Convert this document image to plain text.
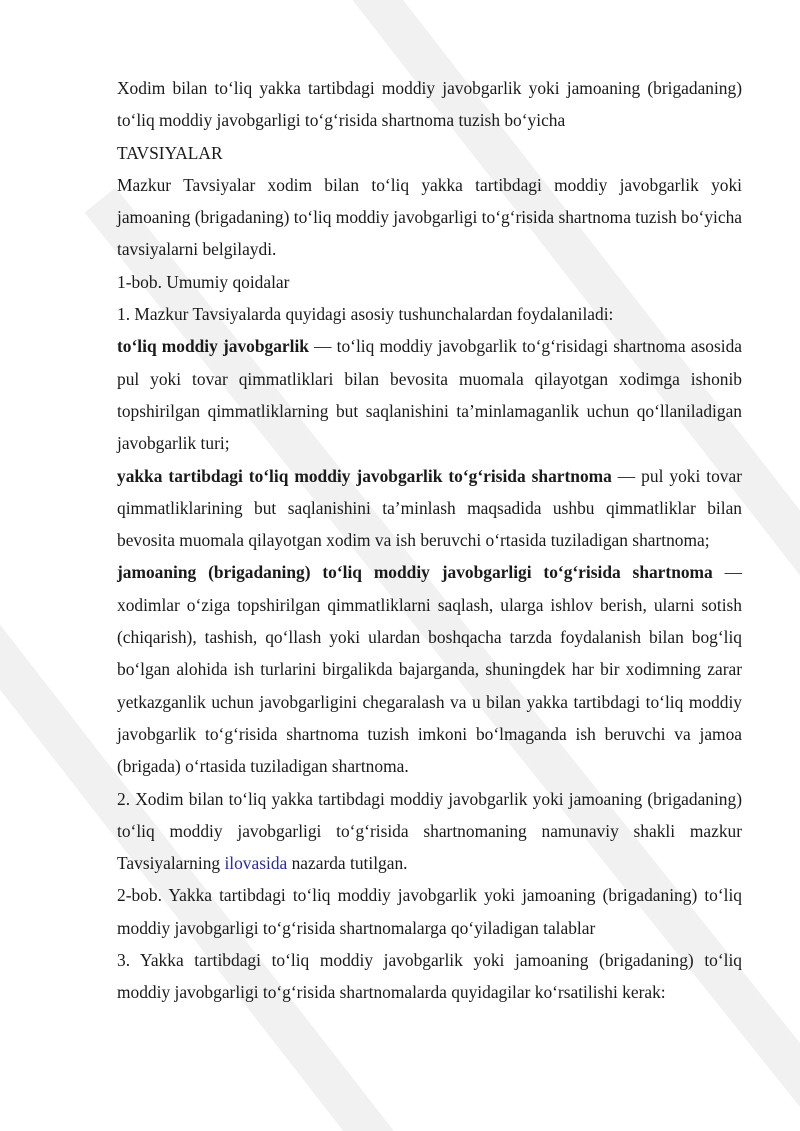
Xodim bilan to‘liq yakka tartibdagi moddiy javobgarlik yoki jamoaning (brigadaning) to‘liq moddiy javobgarligi to‘g‘risida shartnoma tuzish bo‘yicha

TAVSIYALAR

Mazkur Tavsiyalar xodim bilan to‘liq yakka tartibdagi moddiy javobgarlik yoki jamoaning (brigadaning) to‘liq moddiy javobgarligi to‘g‘risida shartnoma tuzish bo‘yicha tavsiyalarni belgilaydi.

1-bob. Umumiy qoidalar

1. Mazkur Tavsiyalarda quyidagi asosiy tushunchalardan foydalaniladi:

to‘liq moddiy javobgarlik — to‘liq moddiy javobgarlik to‘g‘risidagi shartnoma asosida pul yoki tovar qimmatliklari bilan bevosita muomala qilayotgan xodimga ishonib topshirilgan qimmatliklarning but saqlanishini ta’minlamaganlik uchun qo‘llaniladigan javobgarlik turi;

yakka tartibdagi to‘liq moddiy javobgarlik to‘g‘risida shartnoma — pul yoki tovar qimmatliklarining but saqlanishini ta’minlash maqsadida ushbu qimmatliklar bilan bevosita muomala qilayotgan xodim va ish beruvchi o‘rtasida tuziladigan shartnoma;

jamoaning (brigadaning) to‘liq moddiy javobgarligi to‘g‘risida shartnoma — xodimlar o‘ziga topshirilgan qimmatliklarni saqlash, ularga ishlov berish, ularni sotish (chiqarish), tashish, qo‘llash yoki ulardan boshqacha tarzda foydalanish bilan bog‘liq bo‘lgan alohida ish turlarini birgalikda bajarganda, shuningdek har bir xodimning zarar yetkazganlik uchun javobgarligini chegaralash va u bilan yakka tartibdagi to‘liq moddiy javobgarlik to‘g‘risida shartnoma tuzish imkoni bo‘lmaganda ish beruvchi va jamoa (brigada) o‘rtasida tuziladigan shartnoma.

2. Xodim bilan to‘liq yakka tartibdagi moddiy javobgarlik yoki jamoaning (brigadaning) to‘liq moddiy javobgarligi to‘g‘risida shartnomaning namunaviy shakli mazkur Tavsiyalarning ilovasida nazarda tutilgan.

2-bob. Yakka tartibdagi to‘liq moddiy javobgarlik yoki jamoaning (brigadaning) to‘liq moddiy javobgarligi to‘g‘risida shartnomalarga qo‘yiladigan talablar

3. Yakka tartibdagi to‘liq moddiy javobgarlik yoki jamoaning (brigadaning) to‘liq moddiy javobgarligi to‘g‘risida shartnomalarda quyidagilar ko‘rsatilishi kerak:
